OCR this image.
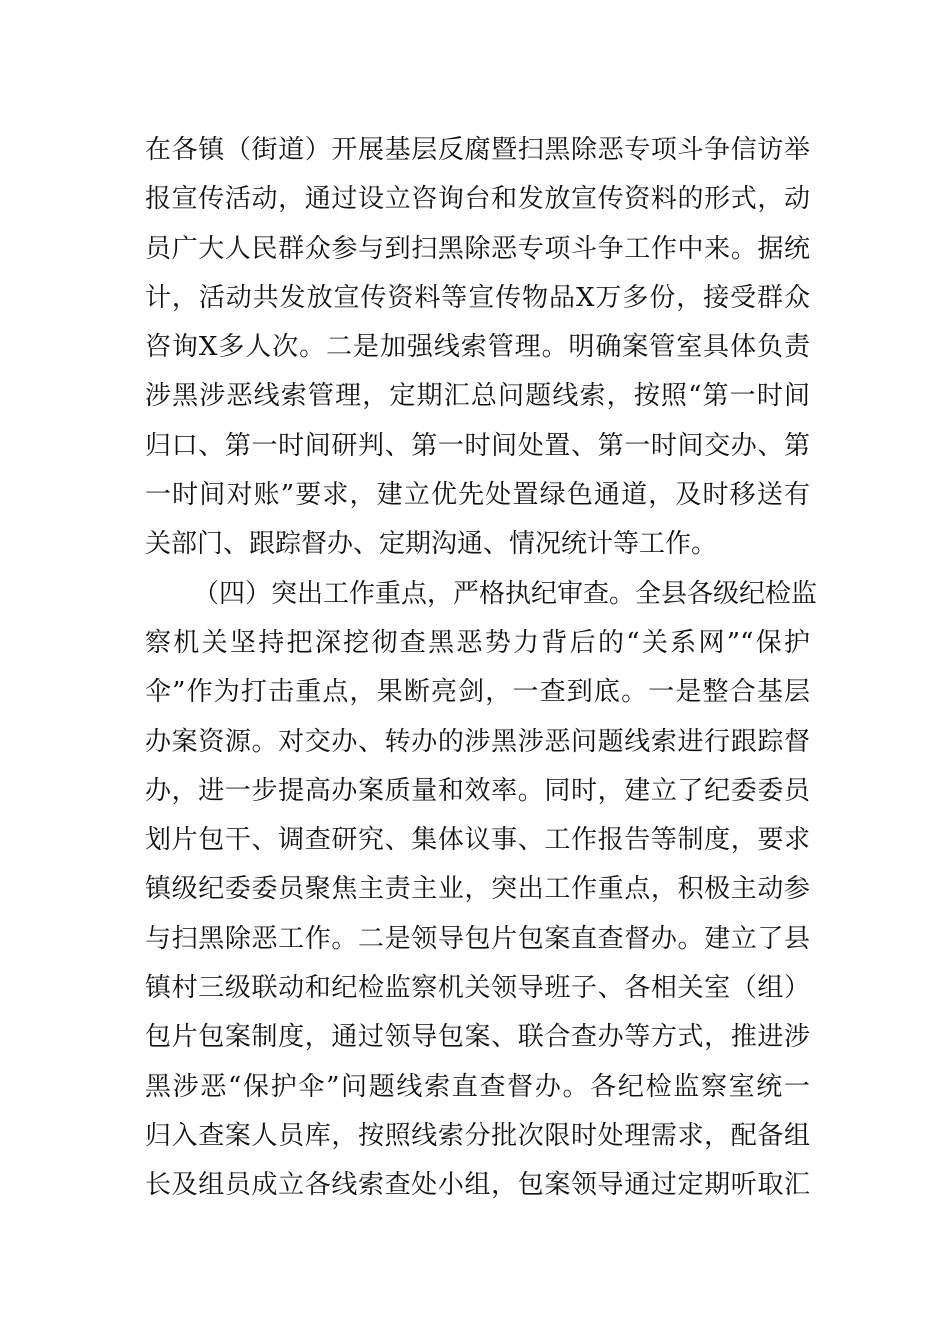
在各镇（街道）开展基层反腐暨扫黑除恶专项斗争信访举
报宣传活动，通过设立咨询台和发放宣传资料的形式，动
员广大人民群众参与到扫黑除恶专项斗争工作中来。据统
计，活动共发放宣传资料等宣传物品X万多份，接受群众
咨询X多人次。二是加强线索管理。明确案管室具体负责
涉黑涉恶线索管理，定期汇总问题线索，按照“第一时间
归口、第一时间研判、第一时间处置、第一时间交办、第
一时间对账”要求，建立优先处置绿色通道，及时移送有
关部门、跟踪督办、定期沟通、情况统计等工作。
（四）突出工作重点，严格执纪审查。全县各级纪检监
察机关坚持把深挖彻查黑恶势力背后的“关系网”“保护
伞”作为打击重点，果断亮剑，一查到底。一是整合基层
办案资源。对交办、转办的涉黑涉恶问题线索进行跟踪督
办，进一步提高办案质量和效率。同时，建立了纪委委员
划片包干、调查研究、集体议事、工作报告等制度，要求
镇级纪委委员聚焦主责主业，突出工作重点，积极主动参
与扫黑除恶工作。二是领导包片包案直查督办。建立了县
镇村三级联动和纪检监察机关领导班子、各相关室（组）
包片包案制度，通过领导包案、联合查办等方式，推进涉
黑涉恶“保护伞”问题线索直查督办。各纪检监察室统一
归入查案人员库，按照线索分批次限时处理需求，配备组
长及组员成立各线索查处小组，包案领导通过定期听取汇
